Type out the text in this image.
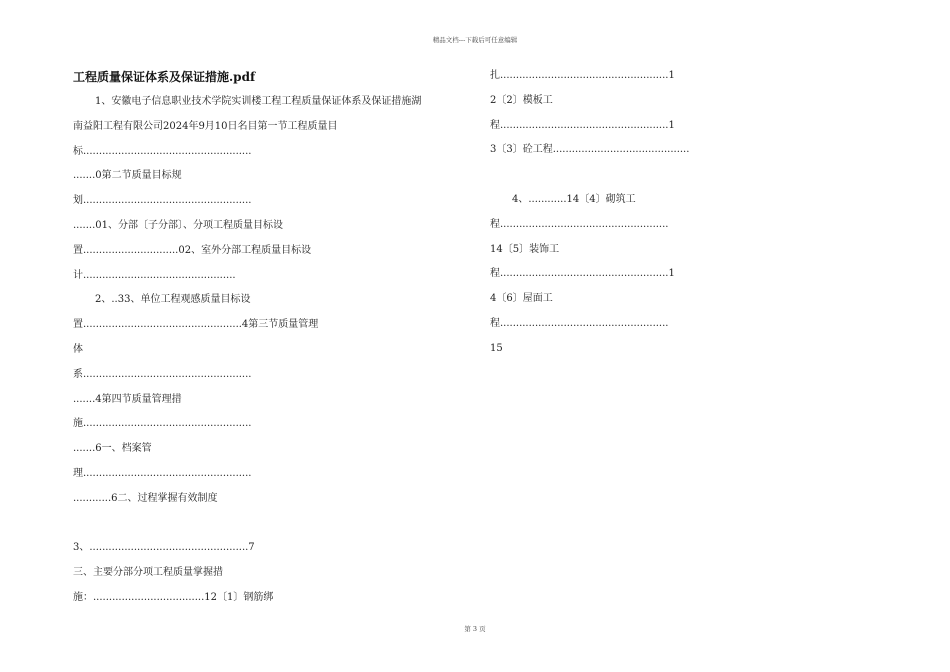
精品文档---下载后可任意编辑
工程质量保证体系及保证措施.pdf
1、安徽电子信息职业技术学院实训楼工程工程质量保证体系及保证措施湖
南益阳工程有限公司2024年9月10日名目第一节工程质量目
标.....................................................
.......0第二节质量目标规
划.....................................................
.......01、分部〔子分部〕、分项工程质量目标设
置..............................02、室外分部工程质量目标设
计................................................
2、..33、单位工程观感质量目标设
置..................................................4第三节质量管理
体
系.....................................................
.......4第四节质量管理措
施.....................................................
.......6一、档案管
理.....................................................
............6二、过程掌握有效制度
3、..................................................7
三、主要分部分项工程质量掌握措
施：...................................12〔1〕钢筋绑
扎.....................................................1
2〔2〕模板工
程.....................................................1
3〔3〕砼工程...........................................
4、............14〔4〕砌筑工
程.....................................................
14〔5〕装饰工
程.....................................................1
4〔6〕屋面工
程.....................................................
15
第 3 页
